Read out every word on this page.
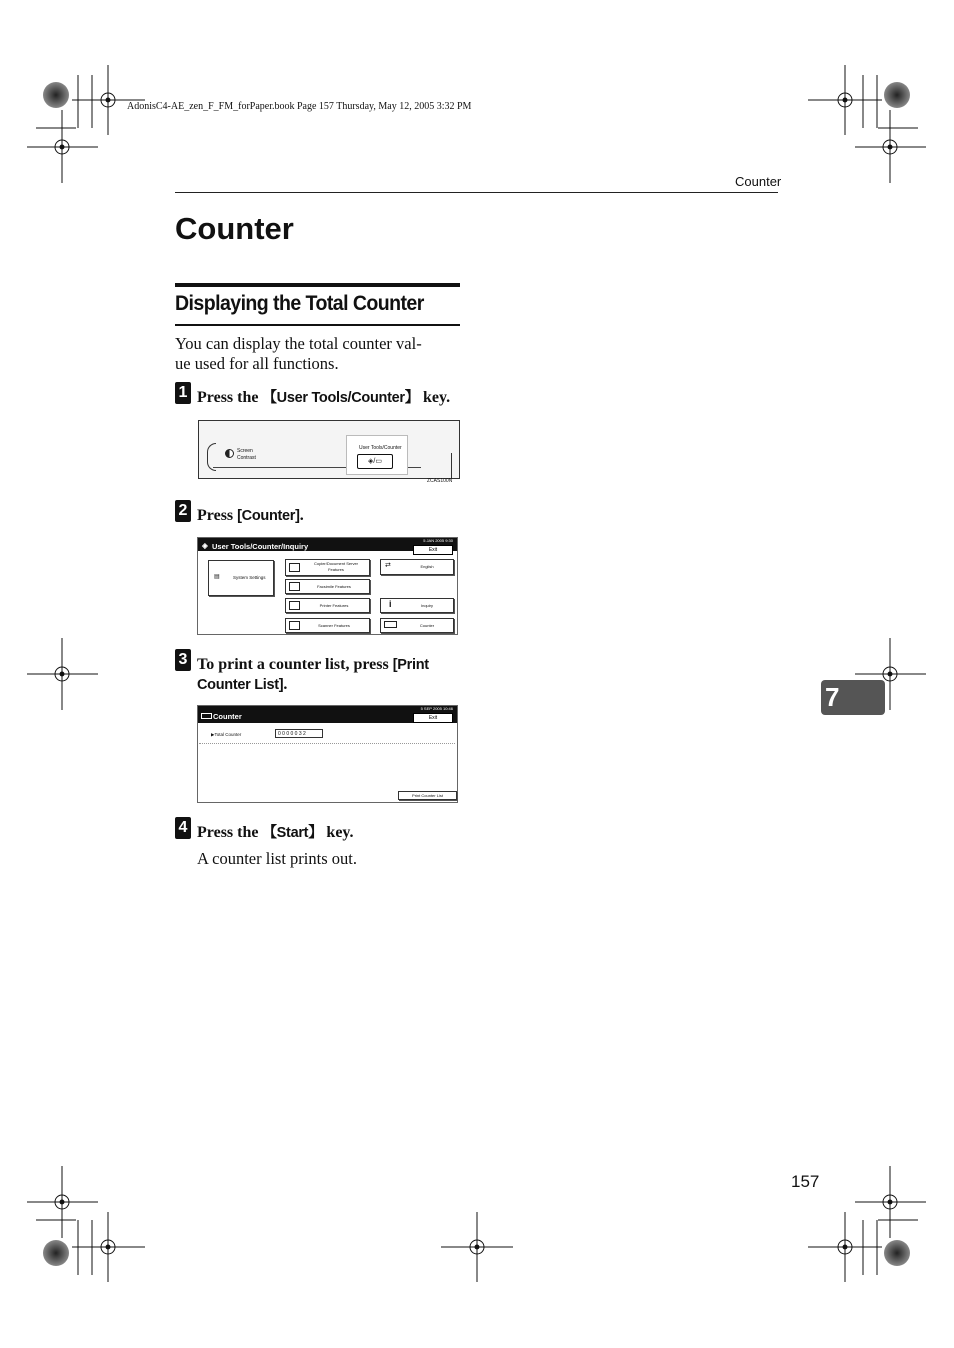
AdonisC4-AE_zen_F_FM_forPaper.book Page 157 Thursday, May 12, 2005 3:32 PM
Counter
Counter
Displaying the Total Counter
You can display the total counter val-
ue used for all functions.
1 Press the 【User Tools/Counter】 key.
Screen
Contrast
User Tools/Counter
◈/▭
ZCAS100N
2 Press [Counter].
◈ User Tools/Counter/Inquiry
5 JAN 2005 9:30
Exit
▤	System Settings
Copier/Document Server
Features
Facsimile Features
Printer Features
Scanner Features
⇄	English
i	Inquiry
Counter
3 To print a counter list, press [Print Counter List].
Counter
5 SEP 2005 10:46
Exit
▶Total Counter	0 0 0 0 0 3 2
Print Counter List
4 Press the 【Start】 key.
A counter list prints out.
7
157
